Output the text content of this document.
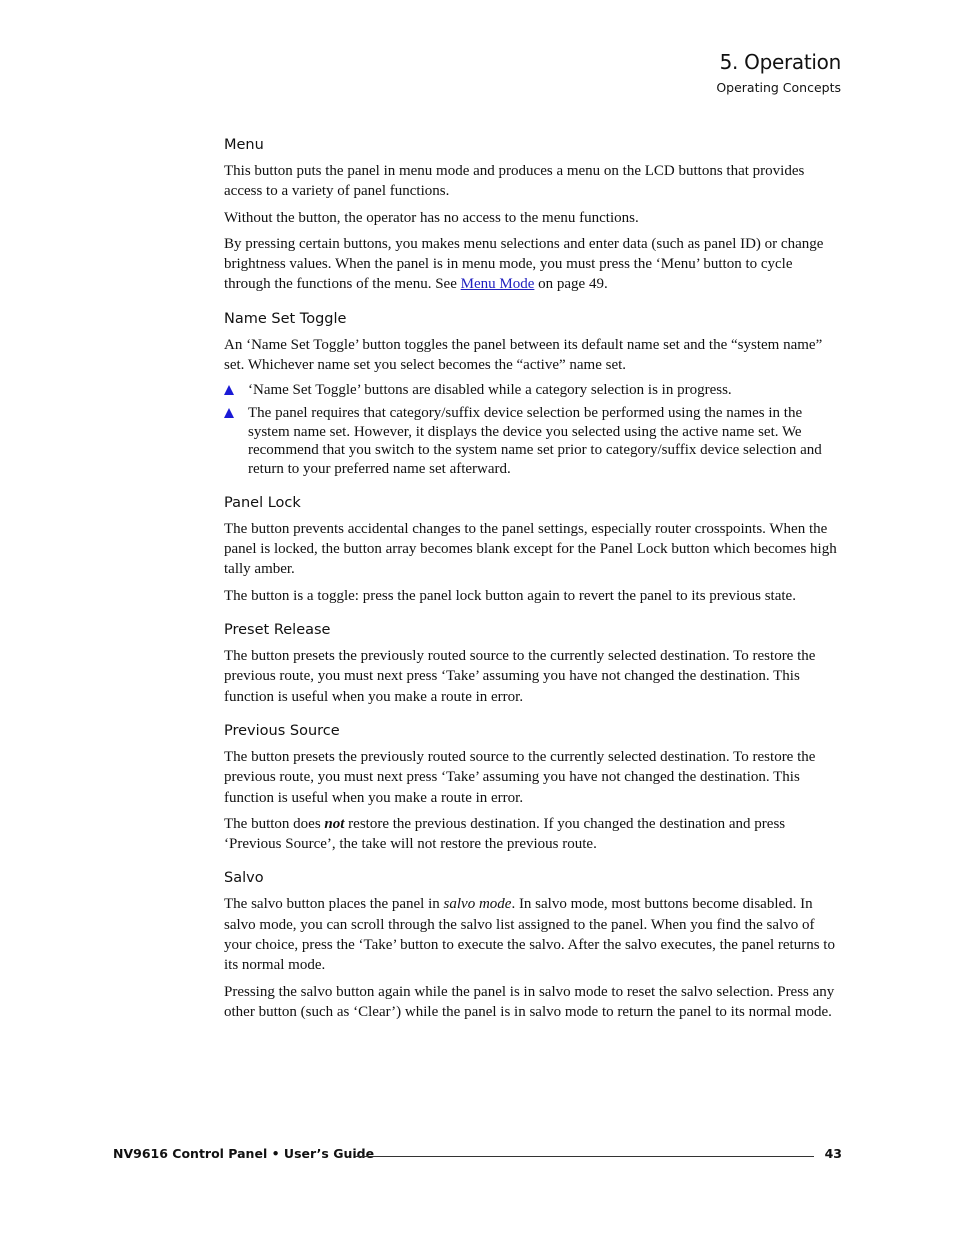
5. Operation
Operating Concepts
Menu

This button puts the panel in menu mode and produces a menu on the LCD buttons that provides access to a variety of panel functions.

Without the button, the operator has no access to the menu functions.

By pressing certain buttons, you makes menu selections and enter data (such as panel ID) or change brightness values. When the panel is in menu mode, you must press the ‘Menu’ button to cycle through the functions of the menu. See Menu Mode on page 49.

Name Set Toggle

An ‘Name Set Toggle’ button toggles the panel between its default name set and the “system name” set. Whichever name set you select becomes the “active” name set.

‘Name Set Toggle’ buttons are disabled while a category selection is in progress.
The panel requires that category/suffix device selection be performed using the names in the system name set. However, it displays the device you selected using the active name set. We recommend that you switch to the system name set prior to category/suffix device selection and return to your preferred name set afterward.
Panel Lock

The button prevents accidental changes to the panel settings, especially router crosspoints. When the panel is locked, the button array becomes blank except for the Panel Lock button which becomes high tally amber.

The button is a toggle: press the panel lock button again to revert the panel to its previous state.

Preset Release

The button presets the previously routed source to the currently selected destination. To restore the previous route, you must next press ‘Take’ assuming you have not changed the destination. This function is useful when you make a route in error.

Previous Source

The button presets the previously routed source to the currently selected destination. To restore the previous route, you must next press ‘Take’ assuming you have not changed the destination. This function is useful when you make a route in error.

The button does not restore the previous destination. If you changed the destination and press ‘Previous Source’, the take will not restore the previous route.

Salvo

The salvo button places the panel in salvo mode. In salvo mode, most buttons become disabled. In salvo mode, you can scroll through the salvo list assigned to the panel. When you find the salvo of your choice, press the ‘Take’ button to execute the salvo. After the salvo executes, the panel returns to its normal mode.

Pressing the salvo button again while the panel is in salvo mode to reset the salvo selection. Press any other button (such as ‘Clear’) while the panel is in salvo mode to return the panel to its normal mode.

NV9616 Control Panel • User’s Guide	43
